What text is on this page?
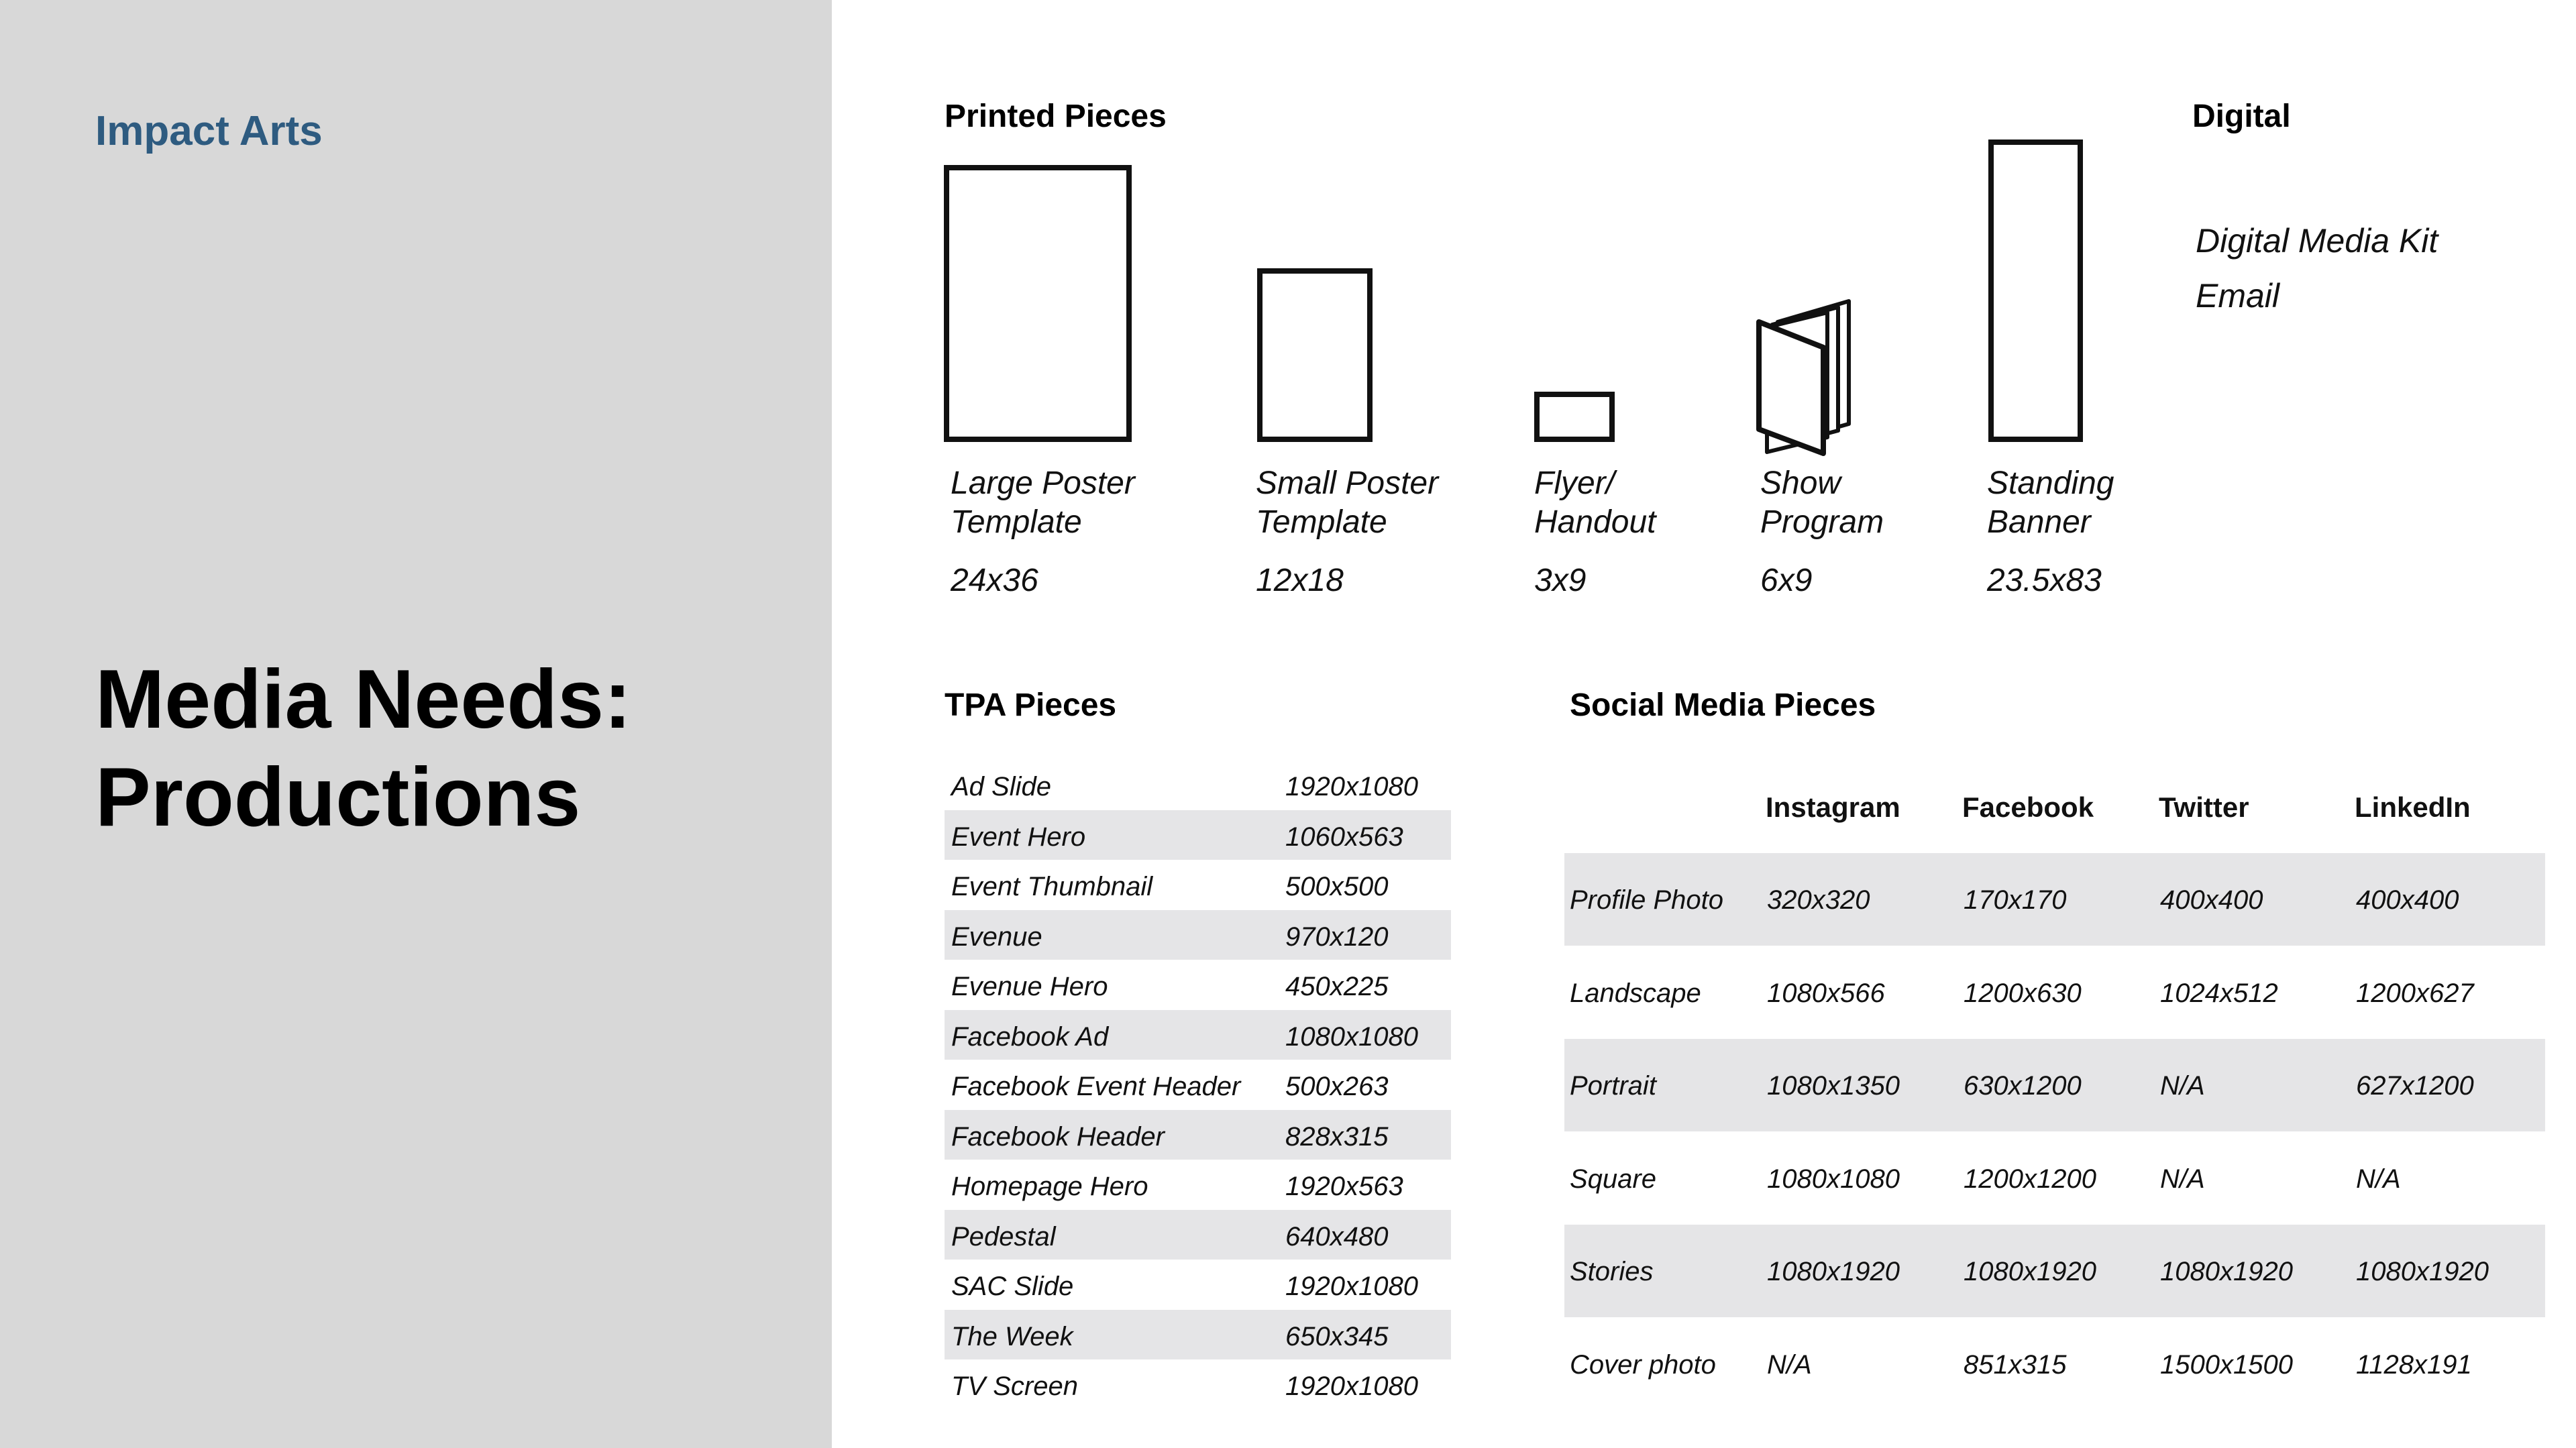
Impact Arts
Media Needs:
Productions
Printed Pieces
Large Poster
Template
24x36
Small Poster
Template
12x18
Flyer/
Handout
3x9
Show
Program
6x9
Standing
Banner
23.5x83
Digital
Digital Media Kit
Email
TPA Pieces
Ad Slide	1920x1080
Event Hero	1060x563
Event Thumbnail	500x500
Evenue	970x120
Evenue Hero	450x225
Facebook Ad	1080x1080
Facebook Event Header 500x263
Facebook Header	828x315
Homepage Hero	1920x563
Pedestal	640x480
SAC Slide	1920x1080
The Week	650x345
TV Screen	1920x1080
Social Media Pieces
Instagram Facebook Twitter	LinkedIn
Profile Photo 320x320	170x170	400x400	400x400
Landscape 1080x566	1200x630	1024x512	1200x627
Portrait	1080x1350 630x1200	N/A	627x1200
Square	1080x1080 1200x1200 N/A	N/A
Stories	1080x1920 1080x1920 1080x1920 1080x1920
Cover photo N/A	851x315	1500x1500 1128x191
